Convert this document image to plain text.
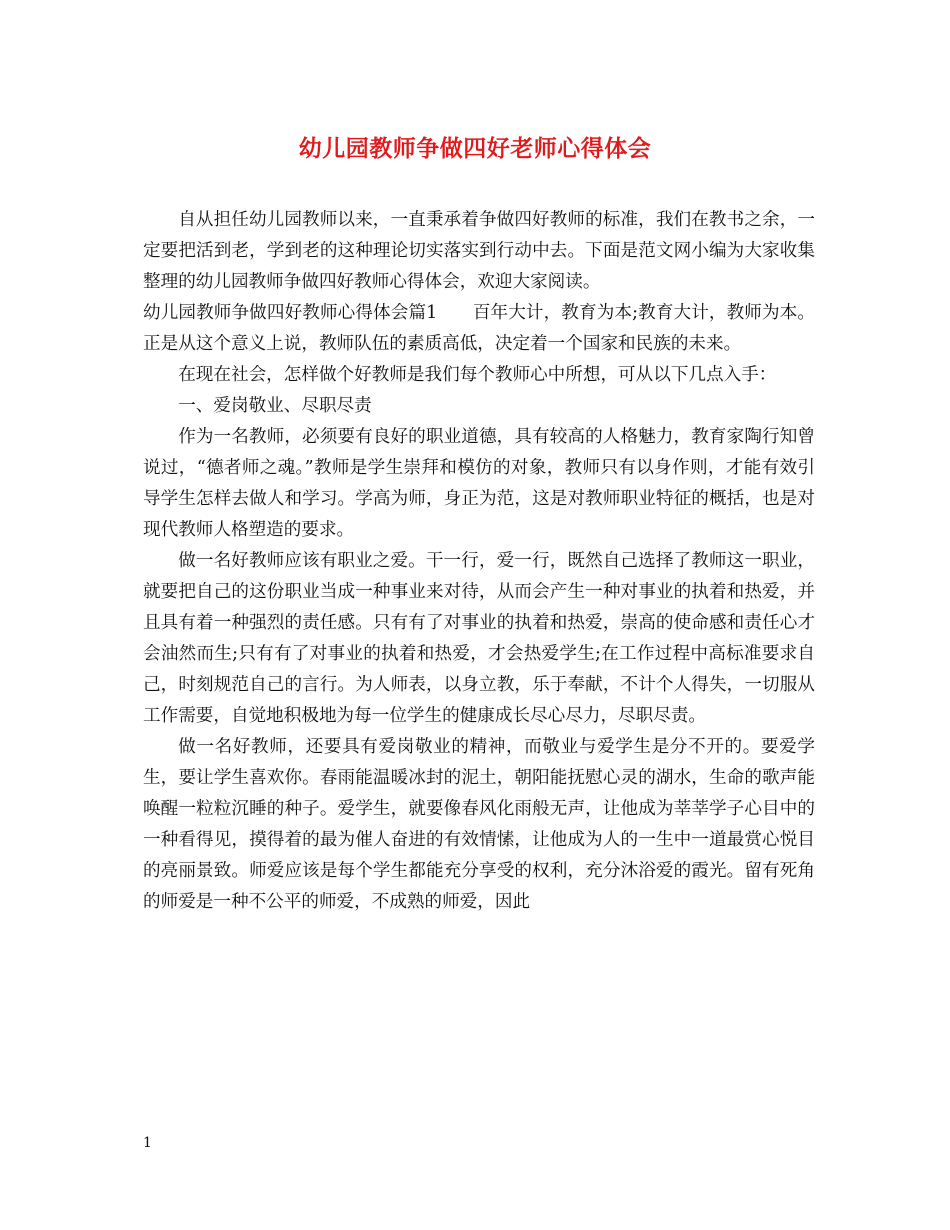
幼儿园教师争做四好老师心得体会

自从担任幼儿园教师以来，一直秉承着争做四好教师的标准，我们在教书之余，一定要把活到老，学到老的这种理论切实落实到行动中去。下面是范文网小编为大家收集整理的幼儿园教师争做四好教师心得体会，欢迎大家阅读。

幼儿园教师争做四好教师心得体会篇1　　百年大计，教育为本;教育大计，教师为本。正是从这个意义上说，教师队伍的素质高低，决定着一个国家和民族的未来。

在现在社会，怎样做个好教师是我们每个教师心中所想，可从以下几点入手：

一、爱岗敬业、尽职尽责

作为一名教师，必须要有良好的职业道德，具有较高的人格魅力，教育家陶行知曾说过，“德者师之魂。”教师是学生崇拜和模仿的对象，教师只有以身作则，才能有效引导学生怎样去做人和学习。学高为师，身正为范，这是对教师职业特征的概括，也是对现代教师人格塑造的要求。

做一名好教师应该有职业之爱。干一行，爱一行，既然自己选择了教师这一职业，就要把自己的这份职业当成一种事业来对待，从而会产生一种对事业的执着和热爱，并且具有着一种强烈的责任感。只有有了对事业的执着和热爱，崇高的使命感和责任心才会油然而生;只有有了对事业的执着和热爱，才会热爱学生;在工作过程中高标准要求自己，时刻规范自己的言行。为人师表，以身立教，乐于奉献，不计个人得失，一切服从工作需要，自觉地积极地为每一位学生的健康成长尽心尽力，尽职尽责。

做一名好教师，还要具有爱岗敬业的精神，而敬业与爱学生是分不开的。要爱学生，要让学生喜欢你。春雨能温暖冰封的泥土，朝阳能抚慰心灵的湖水，生命的歌声能唤醒一粒粒沉睡的种子。爱学生，就要像春风化雨般无声，让他成为莘莘学子心目中的一种看得见，摸得着的最为催人奋进的有效情愫，让他成为人的一生中一道最赏心悦目的亮丽景致。师爱应该是每个学生都能充分享受的权利，充分沐浴爱的霞光。留有死角的师爱是一种不公平的师爱，不成熟的师爱，因此

1
